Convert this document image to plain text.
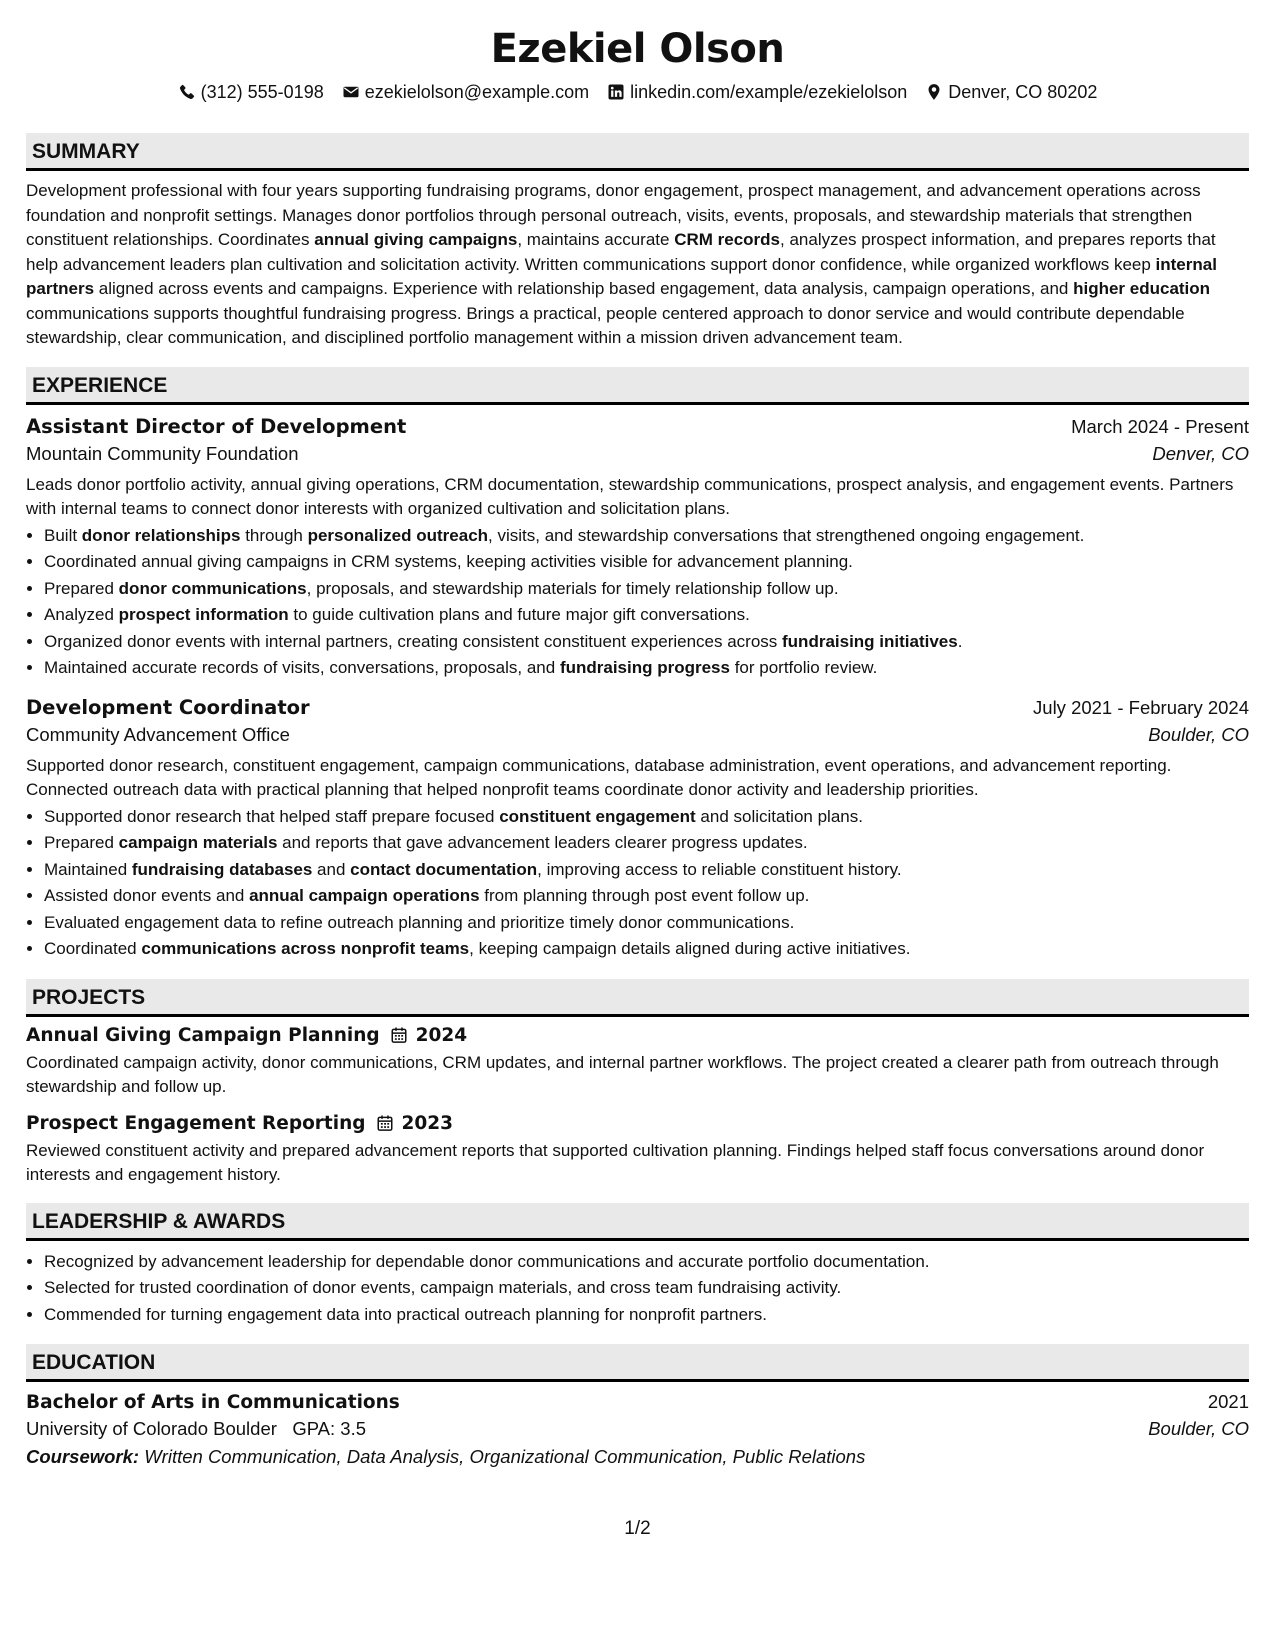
Ezekiel Olson
(312) 555-0198 ezekielolson@example.com linkedin.com/example/ezekielolson Denver, CO 80202
SUMMARY

Development professional with four years supporting fundraising programs, donor engagement, prospect management, and advancement operations across foundation and nonprofit settings. Manages donor portfolios through personal outreach, visits, events, proposals, and stewardship materials that strengthen constituent relationships. Coordinates annual giving campaigns, maintains accurate CRM records, analyzes prospect information, and prepares reports that help advancement leaders plan cultivation and solicitation activity. Written communications support donor confidence, while organized workflows keep internal partners aligned across events and campaigns. Experience with relationship based engagement, data analysis, campaign operations, and higher education communications supports thoughtful fundraising progress. Brings a practical, people centered approach to donor service and would contribute dependable stewardship, clear communication, and disciplined portfolio management within a mission driven advancement team.

EXPERIENCE
Assistant Director of Development	March 2024 - Present
Mountain Community Foundation	Denver, CO
Leads donor portfolio activity, annual giving operations, CRM documentation, stewardship communications, prospect analysis, and engagement events. Partners with internal teams to connect donor interests with organized cultivation and solicitation plans.
• Built donor relationships through personalized outreach, visits, and stewardship conversations that strengthened ongoing engagement.
• Coordinated annual giving campaigns in CRM systems, keeping activities visible for advancement planning.
• Prepared donor communications, proposals, and stewardship materials for timely relationship follow up.
• Analyzed prospect information to guide cultivation plans and future major gift conversations.
• Organized donor events with internal partners, creating consistent constituent experiences across fundraising initiatives.
• Maintained accurate records of visits, conversations, proposals, and fundraising progress for portfolio review.
Development Coordinator	July 2021 - February 2024
Community Advancement Office	Boulder, CO
Supported donor research, constituent engagement, campaign communications, database administration, event operations, and advancement reporting. Connected outreach data with practical planning that helped nonprofit teams coordinate donor activity and leadership priorities.
• Supported donor research that helped staff prepare focused constituent engagement and solicitation plans.
• Prepared campaign materials and reports that gave advancement leaders clearer progress updates.
• Maintained fundraising databases and contact documentation, improving access to reliable constituent history.
• Assisted donor events and annual campaign operations from planning through post event follow up.
• Evaluated engagement data to refine outreach planning and prioritize timely donor communications.
• Coordinated communications across nonprofit teams, keeping campaign details aligned during active initiatives.
PROJECTS
Annual Giving Campaign Planning 2024
Coordinated campaign activity, donor communications, CRM updates, and internal partner workflows. The project created a clearer path from outreach through stewardship and follow up.
Prospect Engagement Reporting 2023
Reviewed constituent activity and prepared advancement reports that supported cultivation planning. Findings helped staff focus conversations around donor interests and engagement history.
LEADERSHIP & AWARDS
• Recognized by advancement leadership for dependable donor communications and accurate portfolio documentation.
• Selected for trusted coordination of donor events, campaign materials, and cross team fundraising activity.
• Commended for turning engagement data into practical outreach planning for nonprofit partners.
EDUCATION
Bachelor of Arts in Communications	2021
University of Colorado Boulder GPA: 3.5	Boulder, CO
Coursework: Written Communication, Data Analysis, Organizational Communication, Public Relations
1/2
